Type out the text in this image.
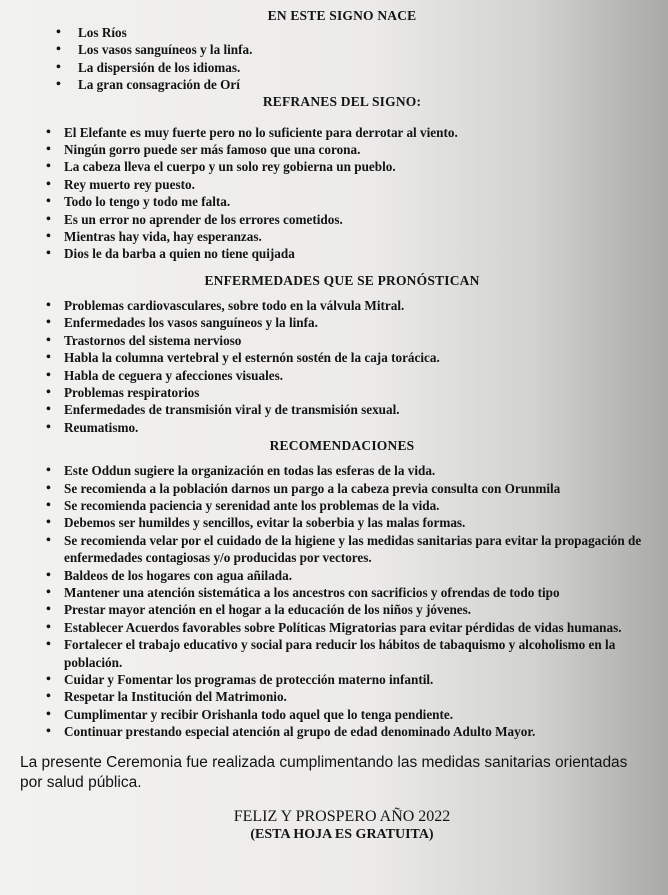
EN ESTE SIGNO NACE
• Los Ríos
• Los vasos sanguíneos y la linfa.
• La dispersión de los idiomas.
• La gran consagración de Orí
REFRANES DEL SIGNO:
• El Elefante es muy fuerte pero no lo suficiente para derrotar al viento.
• Ningún gorro puede ser más famoso que una corona.
• La cabeza lleva el cuerpo y un solo rey gobierna un pueblo.
• Rey muerto rey puesto.
• Todo lo tengo y todo me falta.
• Es un error no aprender de los errores cometidos.
• Mientras hay vida, hay esperanzas.
• Dios le da barba a quien no tiene quijada
ENFERMEDADES QUE SE PRONÓSTICAN
• Problemas cardiovasculares, sobre todo en la válvula Mitral.
• Enfermedades los vasos sanguíneos y la linfa.
• Trastornos del sistema nervioso
• Habla la columna vertebral y el esternón sostén de la caja torácica.
• Habla de ceguera y afecciones visuales.
• Problemas respiratorios
• Enfermedades de transmisión viral y de transmisión sexual.
• Reumatismo.
RECOMENDACIONES
• Este Oddun sugiere la organización en todas las esferas de la vida.
• Se recomienda a la población darnos un pargo a la cabeza previa consulta con Orunmila
• Se recomienda paciencia y serenidad ante los problemas de la vida.
• Debemos ser humildes y sencillos, evitar la soberbia y las malas formas.
• Se recomienda velar por el cuidado de la higiene y las medidas sanitarias para evitar la propagación de enfermedades contagiosas y/o producidas por vectores.
• Baldeos de los hogares con agua añilada.
• Mantener una atención sistemática a los ancestros con sacrificios y ofrendas de todo tipo
• Prestar mayor atención en el hogar a la educación de los niños y jóvenes.
• Establecer Acuerdos favorables sobre Políticas Migratorias para evitar pérdidas de vidas humanas.
• Fortalecer el trabajo educativo y social para reducir los hábitos de tabaquismo y alcoholismo en la población.
• Cuidar y Fomentar los programas de protección materno infantil.
• Respetar la Institución del Matrimonio.
• Cumplimentar y recibir Orishanla todo aquel que lo tenga pendiente.
• Continuar prestando especial atención al grupo de edad denominado Adulto Mayor.

La presente Ceremonia fue realizada cumplimentando las medidas sanitarias orientadas por salud pública.

FELIZ Y PROSPERO AÑO 2022
(ESTA HOJA ES GRATUITA)
